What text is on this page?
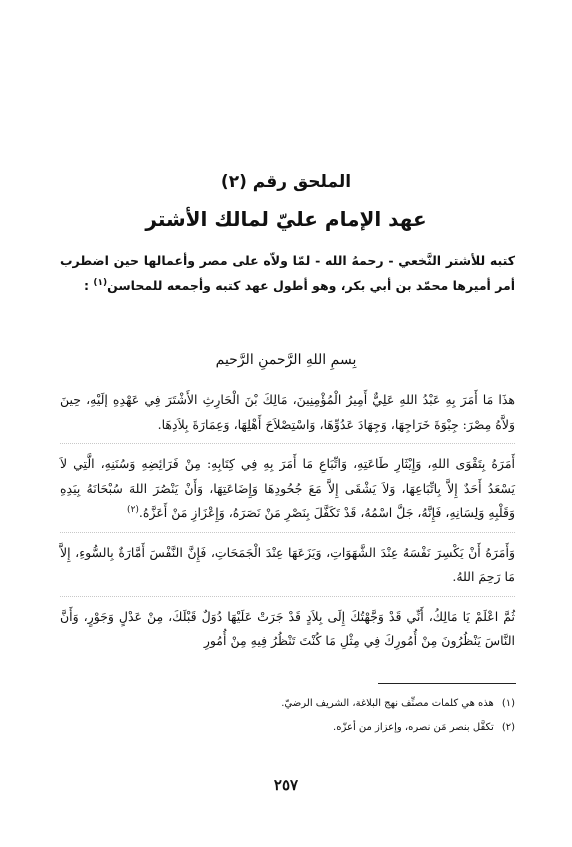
الملحق رقم (٢)
عهد الإمام عليّ لمالك الأشتر
كتبه للأشتر النَّخعي - رحمهُ الله - لمّا ولاّه على مصر وأعمالها حين اضطرب أمر أميرها محمّد بن أبي بكر، وهو أطول عهد كتبه وأجمعه للمحاسن$^{(١)}$ :
بِسمِ اللهِ الرَّحمنِ الرَّحيم

هذَا مَا أَمَرَ بِهِ عَبْدُ اللهِ عَلِيٌّ أَمِيرُ الْمُؤْمِنِينَ، مَالِكَ بْنَ الْحَارِثِ الأَشْتَرَ فِي عَهْدِهِ إلَيْهِ، حِينَ وَلاَّهُ مِصْرَ: جِبْوَةَ خَرَاجِهَا، وَجِهَادَ عَدُوِّهَا، وَاسْتِصْلاَحَ أَهْلِهَا، وَعِمَارَةَ بِلاَدِهَا.

أَمَرَهُ بِتَقْوَى اللهِ، وَإِيْثَارِ طَاعَتِهِ، وَاتِّبَاعِ مَا أَمَرَ بِهِ فِي كِتَابِهِ: مِنْ فَرَائِضِهِ وَسُنَنِهِ، الَّتِي لاَ يَسْعَدُ أَحَدٌ إِلاَّ بِاتِّبَاعِهَا، وَلاَ يَشْقَى إِلاَّ مَعَ جُحُودِهَا وَإِضَاعَتِهَا، وَأَنْ يَنْصُرَ اللهَ سُبْحَانَهُ بِيَدِهِ وَقَلْبِهِ وَلِسَانِهِ، فَإِنَّهُ، جَلَّ اسْمُهُ، قَدْ تَكَفَّلَ بِنَصْرِ مَنْ نَصَرَهُ، وَإِعْزَازِ مَنْ أَعَزَّهُ.$^{(٢)}$

وَأَمَرَهُ أَنْ يَكْسِرَ نَفْسَهُ عِنْدَ الشَّهَوَاتِ، وَيَزَعَهَا عِنْدَ الْجَمَحَاتِ، فَإِنَّ النَّفْسَ أَمَّارَةٌ بِالسُّوءِ، إِلاَّ مَا رَحِمَ اللهُ.

ثُمَّ اعْلَمْ يَا مَالِكُ، أَنِّي قَدْ وَجَّهْتُكَ إِلَى بِلاَدٍ قَدْ جَرَتْ عَلَيْهَا دُوَلٌ قَبْلَكَ، مِنْ عَدْلٍ وَجَوْرٍ، وَأَنَّ النَّاسَ يَنْظُرُونَ مِنْ أُمُورِكَ فِي مِثْلِ مَا كُنْتَ تَنْظُرُ فِيهِ مِنْ أُمُورِ

(١)
هذه هي كلمات مصنِّف نهج البلاغة، الشريف الرضيّ.
(٢)
تكفَّل بنصر مَن نصره، وإعزاز من أعزّه.
٢٥٧
